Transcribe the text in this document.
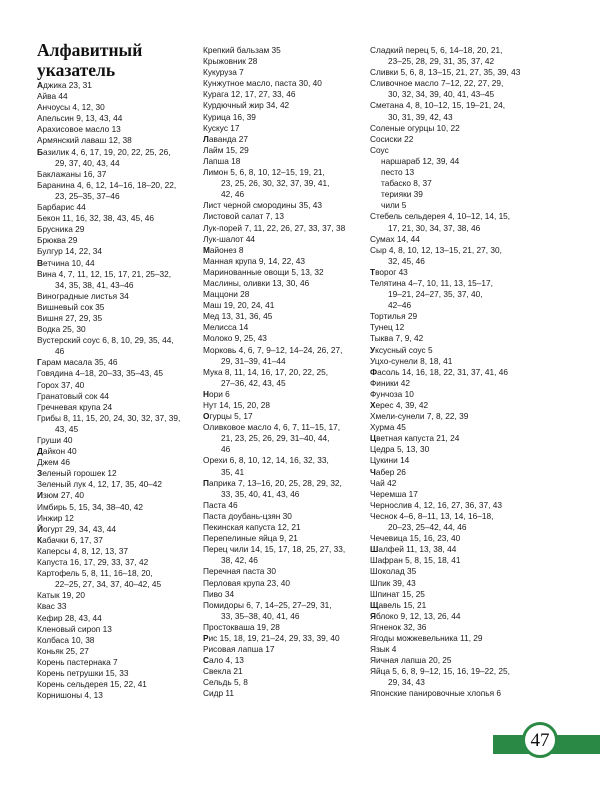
Алфавитный указатель
Аджика 23, 31
Айва 44
Анчоусы 4, 12, 30
Апельсин 9, 13, 43, 44
Арахисовое масло 13
Армянский лаваш 12, 38
Базилик 4, 6, 17, 19, 20, 22, 25, 26,
29, 37, 40, 43, 44
Баклажаны 16, 37
Баранина 4, 6, 12, 14–16, 18–20, 22,
23, 25–35, 37–46
Барбарис 44
Бекон 11, 16, 32, 38, 43, 45, 46
Брусника 29
Брюква 29
Булгур 14, 22, 34
Ветчина 10, 44
Вина 4, 7, 11, 12, 15, 17, 21, 25–32,
34, 35, 38, 41, 43–46
Виноградные листья 34
Вишневый сок 35
Вишня 27, 29, 35
Водка 25, 30
Вустерский соус 6, 8, 10, 29, 35, 44,
46
Гарам масала 35, 46
Говядина 4–18, 20–33, 35–43, 45
Горох 37, 40
Гранатовый сок 44
Гречневая крупа 24
Грибы 8, 11, 15, 20, 24, 30, 32, 37, 39,
43, 45
Груши 40
Дайкон 40
Джем 46
Зеленый горошек 12
Зеленый лук 4, 12, 17, 35, 40–42
Изюм 27, 40
Имбирь 5, 15, 34, 38–40, 42
Инжир 12
Йогурт 29, 34, 43, 44
Кабачки 6, 17, 37
Каперсы 4, 8, 12, 13, 37
Капуста 16, 17, 29, 33, 37, 42
Картофель 5, 8, 11, 16–18, 20,
22–25, 27, 34, 37, 40–42, 45
Катык 19, 20
Квас 33
Кефир 28, 43, 44
Кленовый сироп 13
Колбаса 10, 38
Коньяк 25, 27
Корень пастернака 7
Корень петрушки 15, 33
Корень сельдерея 15, 22, 41
Корнишоны 4, 13
Крепкий бальзам 35
Крыжовник 28
Кукуруза 7
Кунжутное масло, паста 30, 40
Курага 12, 17, 27, 33, 46
Курдючный жир 34, 42
Курица 16, 39
Кускус 17
Лаванда 27
Лайм 15, 29
Лапша 18
Лимон 5, 6, 8, 10, 12–15, 19, 21,
23, 25, 26, 30, 32, 37, 39, 41,
42, 46
Лист черной смородины 35, 43
Листовой салат 7, 13
Лук-порей 7, 11, 22, 26, 27, 33, 37, 38
Лук-шалот 44
Майонез 8
Манная крупа 9, 14, 22, 43
Маринованные овощи 5, 13, 32
Маслины, оливки 13, 30, 46
Маццони 28
Маш 19, 20, 24, 41
Мед 13, 31, 36, 45
Мелисса 14
Молоко 9, 25, 43
Морковь 4, 6, 7, 9–12, 14–24, 26, 27,
29, 31–39, 41–44
Мука 8, 11, 14, 16, 17, 20, 22, 25,
27–36, 42, 43, 45
Нори 6
Нут 14, 15, 20, 28
Огурцы 5, 17
Оливковое масло 4, 6, 7, 11–15, 17,
21, 23, 25, 26, 29, 31–40, 44,
46
Орехи 6, 8, 10, 12, 14, 16, 32, 33,
35, 41
Паприка 7, 13–16, 20, 25, 28, 29, 32,
33, 35, 40, 41, 43, 46
Паста 46
Паста доубань-цзян 30
Пекинская капуста 12, 21
Перепелиные яйца 9, 21
Перец чили 14, 15, 17, 18, 25, 27, 33,
38, 42, 46
Перечная паста 30
Перловая крупа 23, 40
Пиво 34
Помидоры 6, 7, 14–25, 27–29, 31,
33, 35–38, 40, 41, 46
Простокваша 19, 28
Рис 15, 18, 19, 21–24, 29, 33, 39, 40
Рисовая лапша 17
Сало 4, 13
Свекла 21
Сельдь 5, 8
Сидр 11
Сладкий перец 5, 6, 14–18, 20, 21,
23–25, 28, 29, 31, 35, 37, 42
Сливки 5, 6, 8, 13–15, 21, 27, 35, 39, 43
Сливочное масло 7–12, 22, 27, 29,
30, 32, 34, 39, 40, 41, 43–45
Сметана 4, 8, 10–12, 15, 19–21, 24,
30, 31, 39, 42, 43
Соленые огурцы 10, 22
Сосиски 22
Соус
наршараб 12, 39, 44
песто 13
табаско 8, 37
терияки 39
чили 5
Стебель сельдерея 4, 10–12, 14, 15,
17, 21, 30, 34, 37, 38, 46
Сумах 14, 44
Сыр 4, 8, 10, 12, 13–15, 21, 27, 30,
32, 45, 46
Творог 43
Телятина 4–7, 10, 11, 13, 15–17,
19–21, 24–27, 35, 37, 40,
42–46
Тортилья 29
Тунец 12
Тыква 7, 9, 42
Уксусный соус 5
Уцхо-сунели 8, 18, 41
Фасоль 14, 16, 18, 22, 31, 37, 41, 46
Финики 42
Фунчоза 10
Херес 4, 39, 42
Хмели-сунели 7, 8, 22, 39
Хурма 45
Цветная капуста 21, 24
Цедра 5, 13, 30
Цукини 14
Чабер 26
Чай 42
Черемша 17
Чернослив 4, 12, 16, 27, 36, 37, 43
Чеснок 4–6, 8–11, 13, 14, 16–18,
20–23, 25–42, 44, 46
Чечевица 15, 16, 23, 40
Шалфей 11, 13, 38, 44
Шафран 5, 8, 15, 18, 41
Шоколад 35
Шпик 39, 43
Шпинат 15, 25
Щавель 15, 21
Яблоко 9, 12, 13, 26, 44
Ягненок 32, 36
Ягоды можжевельника 11, 29
Язык 4
Яичная лапша 20, 25
Яйца 5, 6, 8, 9–12, 15, 16, 19–22, 25,
29, 34, 43
Японские панировочные хлопья 6
47
